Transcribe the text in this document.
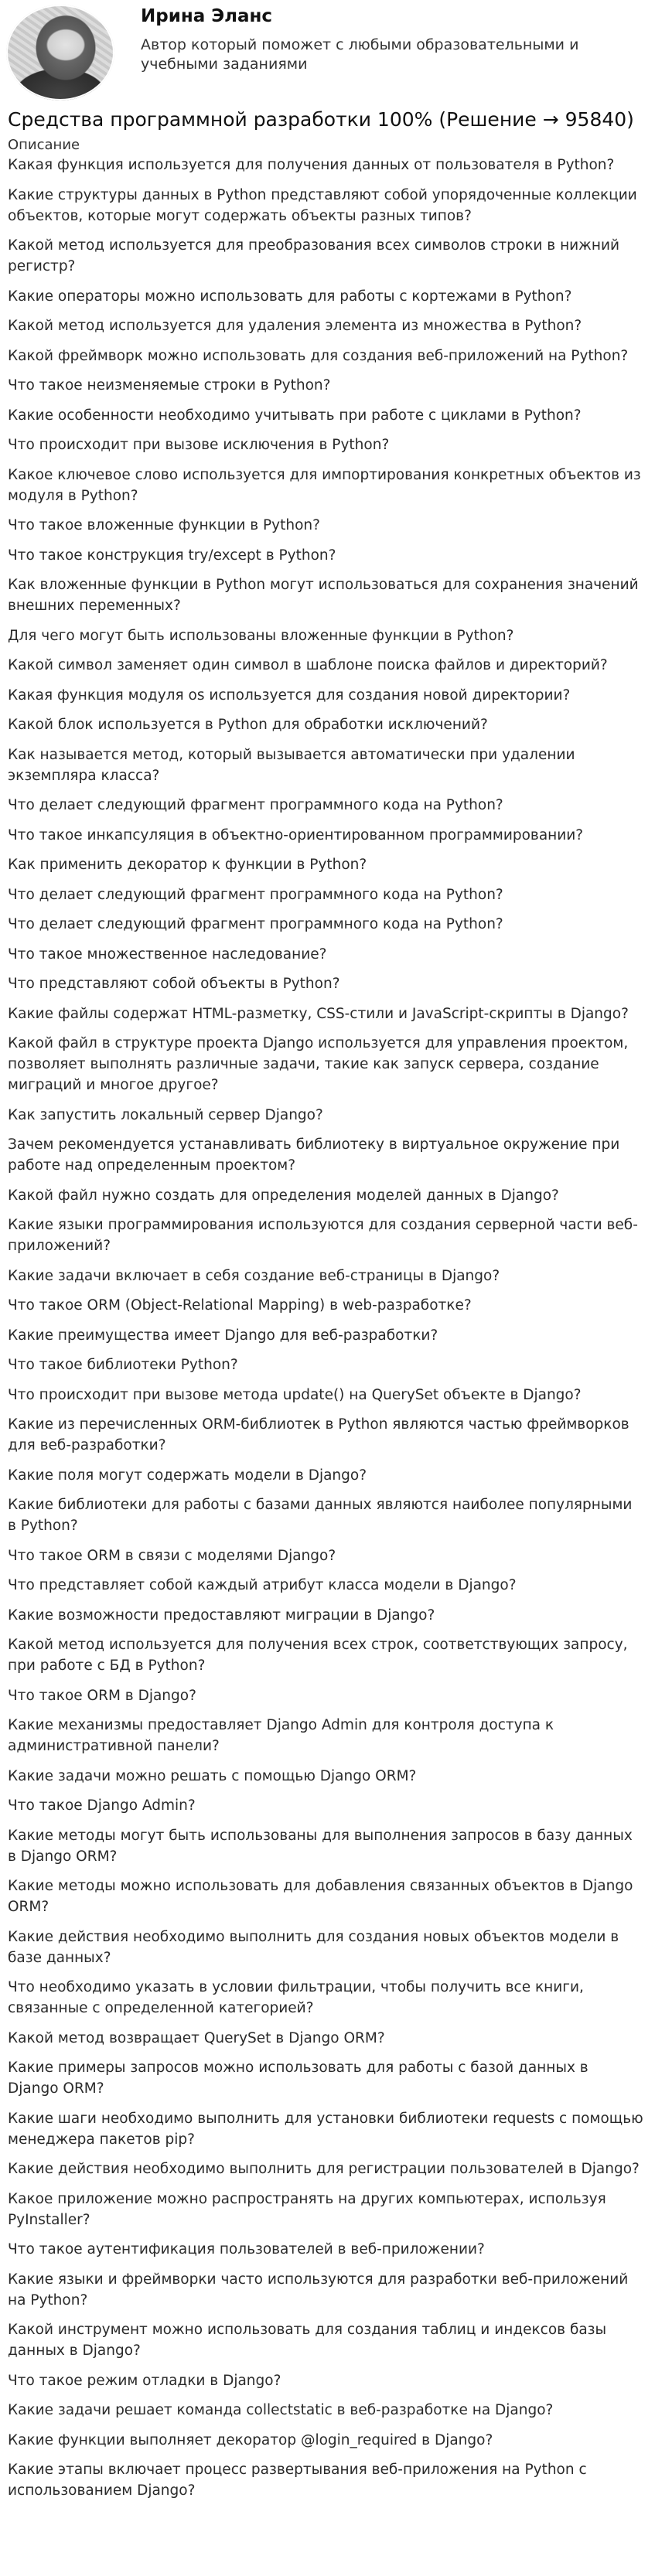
Ирина Эланс
Автор который поможет с любыми образовательными и учебными заданиями
Средства программной разработки 100% (Решение → 95840)
Описание
Какая функция используется для получения данных от пользователя в Python?
Какие структуры данных в Python представляют собой упорядоченные коллекции объектов, которые могут содержать объекты разных типов?
Какой метод используется для преобразования всех символов строки в нижний регистр?
Какие операторы можно использовать для работы с кортежами в Python?
Какой метод используется для удаления элемента из множества в Python?
Какой фреймворк можно использовать для создания веб-приложений на Python?
Что такое неизменяемые строки в Python?
Какие особенности необходимо учитывать при работе с циклами в Python?
Что происходит при вызове исключения в Python?
Какое ключевое слово используется для импортирования конкретных объектов из модуля в Python?
Что такое вложенные функции в Python?
Что такое конструкция try/except в Python?
Как вложенные функции в Python могут использоваться для сохранения значений внешних переменных?
Для чего могут быть использованы вложенные функции в Python?
Какой символ заменяет один символ в шаблоне поиска файлов и директорий?
Какая функция модуля os используется для создания новой директории?
Какой блок используется в Python для обработки исключений?
Как называется метод, который вызывается автоматически при удалении экземпляра класса?
Что делает следующий фрагмент программного кода на Python?
Что такое инкапсуляция в объектно-ориентированном программировании?
Как применить декоратор к функции в Python?
Что делает следующий фрагмент программного кода на Python?
Что делает следующий фрагмент программного кода на Python?
Что такое множественное наследование?
Что представляют собой объекты в Python?
Какие файлы содержат HTML-разметку, CSS-стили и JavaScript-скрипты в Django?
Какой файл в структуре проекта Django используется для управления проектом, позволяет выполнять различные задачи, такие как запуск сервера, создание миграций и многое другое?
Как запустить локальный сервер Django?
Зачем рекомендуется устанавливать библиотеку в виртуальное окружение при работе над определенным проектом?
Какой файл нужно создать для определения моделей данных в Django?
Какие языки программирования используются для создания серверной части веб-приложений?
Какие задачи включает в себя создание веб-страницы в Django?
Что такое ORM (Object-Relational Mapping) в web-разработке?
Какие преимущества имеет Django для веб-разработки?
Что такое библиотеки Python?
Что происходит при вызове метода update() на QuerySet объекте в Django?
Какие из перечисленных ORM-библиотек в Python являются частью фреймворков для веб-разработки?
Какие поля могут содержать модели в Django?
Какие библиотеки для работы с базами данных являются наиболее популярными в Python?
Что такое ORM в связи с моделями Django?
Что представляет собой каждый атрибут класса модели в Django?
Какие возможности предоставляют миграции в Django?
Какой метод используется для получения всех строк, соответствующих запросу, при работе с БД в Python?
Что такое ORM в Django?
Какие механизмы предоставляет Django Admin для контроля доступа к административной панели?
Какие задачи можно решать с помощью Django ORM?
Что такое Django Admin?
Какие методы могут быть использованы для выполнения запросов в базу данных в Django ORM?
Какие методы можно использовать для добавления связанных объектов в Django ORM?
Какие действия необходимо выполнить для создания новых объектов модели в базе данных?
Что необходимо указать в условии фильтрации, чтобы получить все книги, связанные с определенной категорией?
Какой метод возвращает QuerySet в Django ORM?
Какие примеры запросов можно использовать для работы с базой данных в Django ORM?
Какие шаги необходимо выполнить для установки библиотеки requests с помощью менеджера пакетов pip?
Какие действия необходимо выполнить для регистрации пользователей в Django?
Какое приложение можно распространять на других компьютерах, используя PyInstaller?
Что такое аутентификация пользователей в веб-приложении?
Какие языки и фреймворки часто используются для разработки веб-приложений на Python?
Какой инструмент можно использовать для создания таблиц и индексов базы данных в Django?
Что такое режим отладки в Django?
Какие задачи решает команда collectstatic в веб-разработке на Django?
Какие функции выполняет декоратор @login_required в Django?
Какие этапы включает процесс развертывания веб-приложения на Python с использованием Django?
